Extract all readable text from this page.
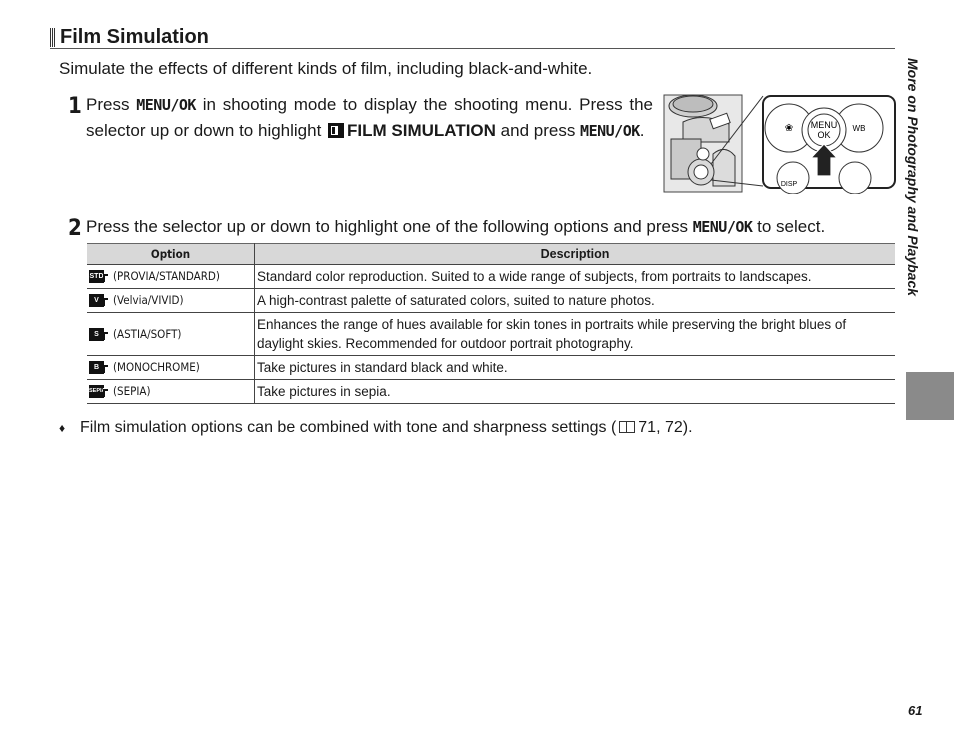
Film Simulation
Simulate the effects of different kinds of film, including black-and-white.
1 Press MENU/OK in shooting mode to display the shooting menu. Press the selector up or down to highlight FILM SIMULATION and press MENU/OK.	MENU
OK
❀	WB
DISP
2 Press the selector up or down to highlight one of the following options and press MENU/OK to select.
Option	Description

STD (PROVIA/STANDARD)	Standard color reproduction. Suited to a wide range of subjects, from portraits to landscapes.

V (Velvia/VIVID)	A high-contrast palette of saturated colors, suited to nature photos.

S (ASTIA/SOFT)	Enhances the range of hues available for skin tones in portraits while preserving the bright blues of daylight skies. Recommended for outdoor portrait photography.

B (MONOCHROME)	Take pictures in standard black and white.

SEPIA (SEPIA)	Take pictures in sepia.
♦ Film simulation options can be combined with tone and sharpness settings ( 71, 72).
More on Photography and Playback
61
